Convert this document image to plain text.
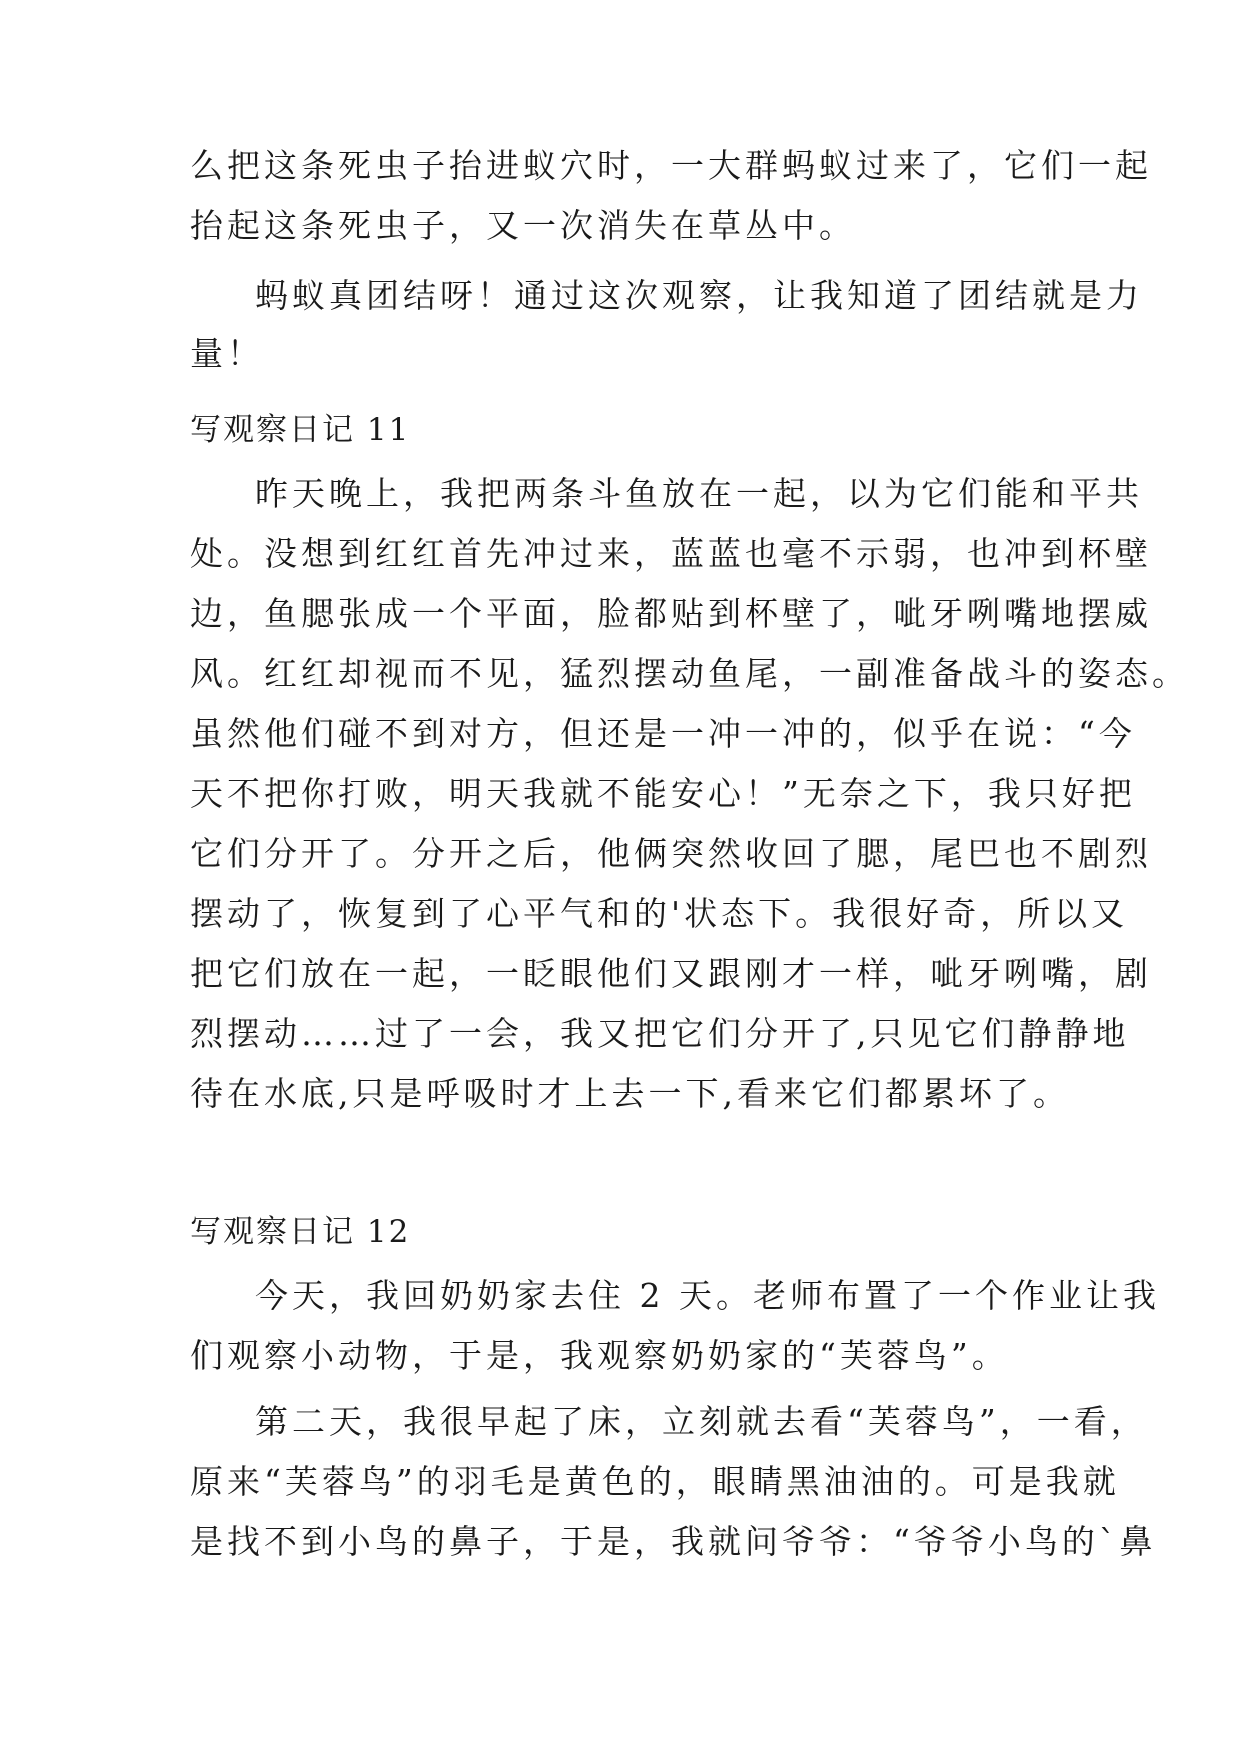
么把这条死虫子抬进蚁穴时，一大群蚂蚁过来了，它们一起
抬起这条死虫子，又一次消失在草丛中。
蚂蚁真团结呀！通过这次观察，让我知道了团结就是力
量！
写观察日记 11
昨天晚上，我把两条斗鱼放在一起，以为它们能和平共
处。没想到红红首先冲过来，蓝蓝也毫不示弱，也冲到杯壁
边，鱼腮张成一个平面，脸都贴到杯壁了，呲牙咧嘴地摆威
风。红红却视而不见，猛烈摆动鱼尾，一副准备战斗的姿态。
虽然他们碰不到对方，但还是一冲一冲的，似乎在说：“今
天不把你打败，明天我就不能安心！”无奈之下，我只好把
它们分开了。分开之后，他俩突然收回了腮，尾巴也不剧烈
摆动了，恢复到了心平气和的'状态下。我很好奇，所以又
把它们放在一起，一眨眼他们又跟刚才一样，呲牙咧嘴，剧
烈摆动……过了一会，我又把它们分开了,只见它们静静地
待在水底,只是呼吸时才上去一下,看来它们都累坏了。
写观察日记 12
今天，我回奶奶家去住 2 天。老师布置了一个作业让我
们观察小动物，于是，我观察奶奶家的“芙蓉鸟”。
第二天，我很早起了床，立刻就去看“芙蓉鸟”，一看，
原来“芙蓉鸟”的羽毛是黄色的，眼睛黑油油的。可是我就
是找不到小鸟的鼻子，于是，我就问爷爷：“爷爷小鸟的`鼻
